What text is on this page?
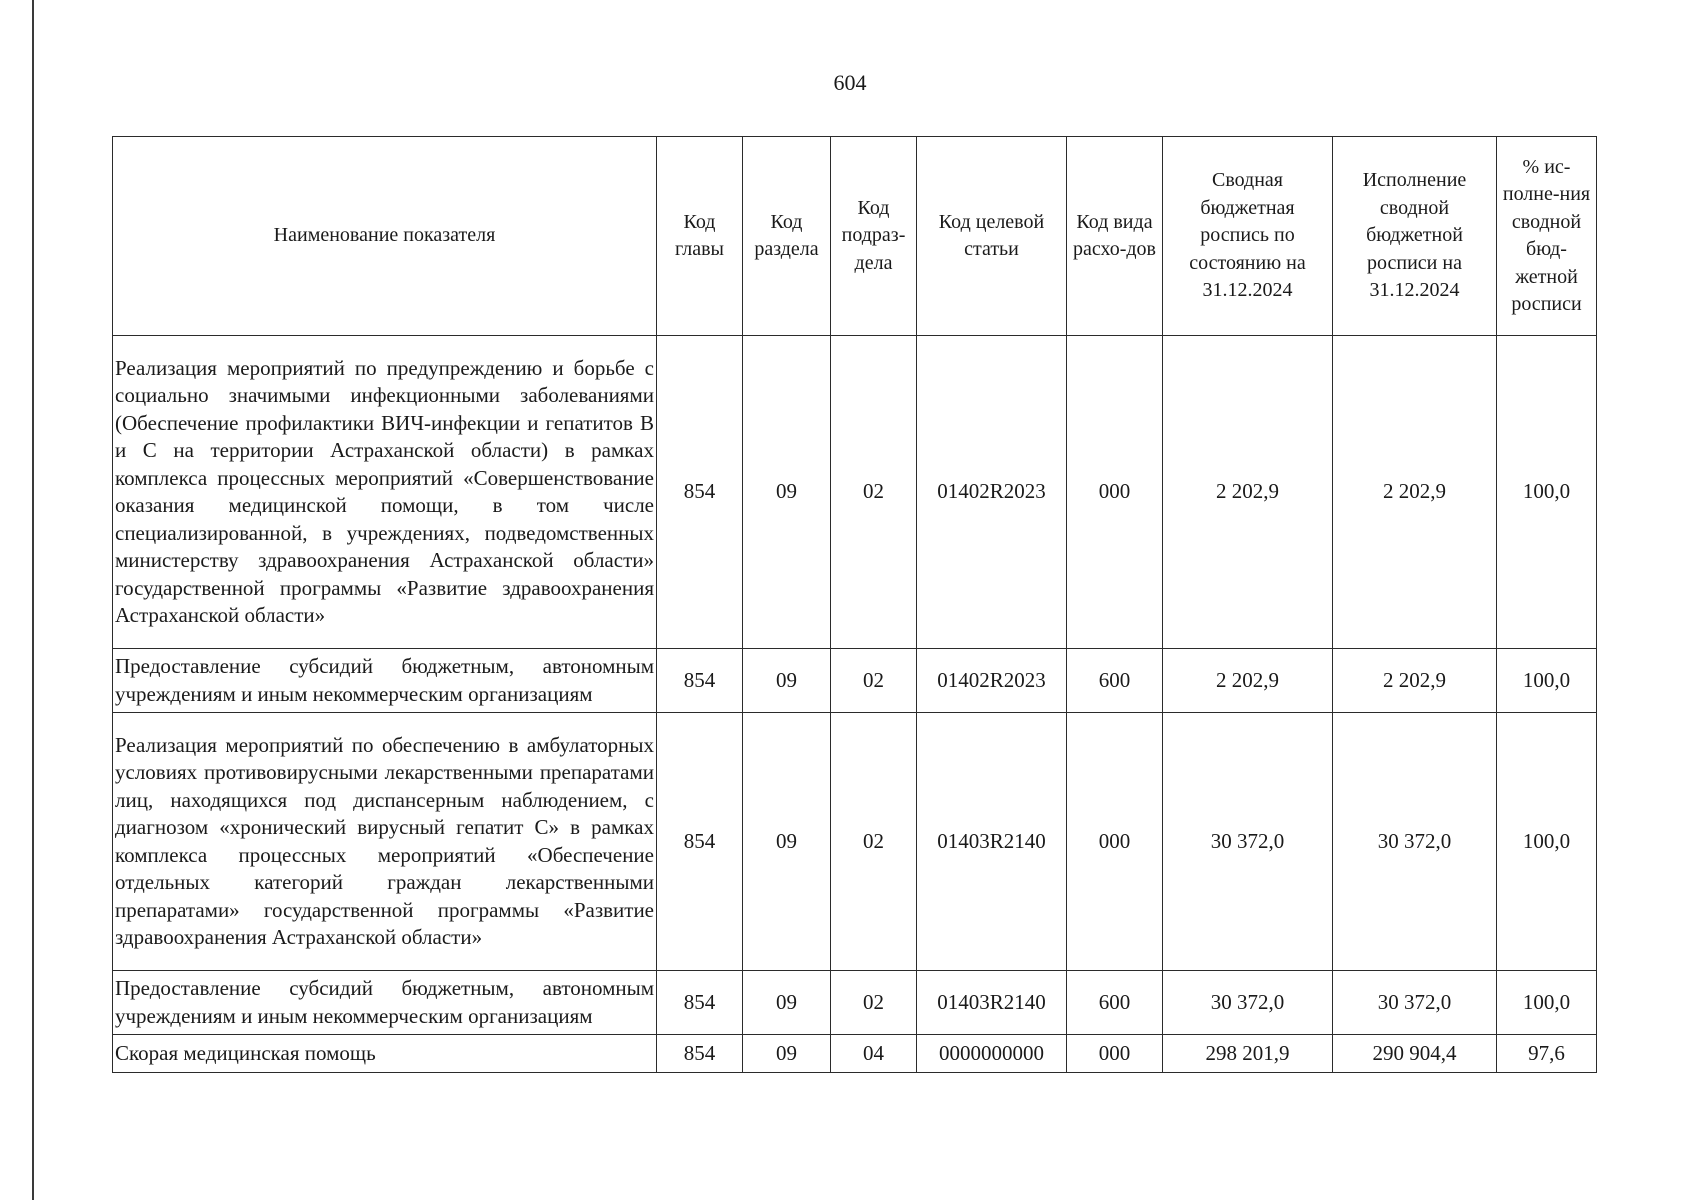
604
Наименование показателя	Код главы	Код раздела	Код подраз-дела	Код целевой статьи	Код вида расхо-дов	Сводная бюджетная роспись по состоянию на 31.12.2024	Исполнение сводной бюджетной росписи на 31.12.2024	% ис-полне-ния сводной бюд-жетной росписи
Реализация мероприятий по предупреждению и борьбе с социально значимыми инфекционными заболеваниями (Обеспечение профилактики ВИЧ-инфекции и гепатитов В и С на территории Астраханской области) в рамках комплекса процессных мероприятий «Совершенствование оказания медицинской помощи, в том числе специализированной, в учреждениях, подведомственных министерству здравоохранения Астраханской области» государственной программы «Развитие здравоохранения Астраханской области»	854	09	02	01402R2023	000	2 202,9	2 202,9	100,0
Предоставление субсидий бюджетным, автономным учреждениям и иным некоммерческим организациям	854	09	02	01402R2023	600	2 202,9	2 202,9	100,0
Реализация мероприятий по обеспечению в амбулаторных условиях противовирусными лекарственными препаратами лиц, находящихся под диспансерным наблюдением, с диагнозом «хронический вирусный гепатит С» в рамках комплекса процессных мероприятий «Обеспечение отдельных категорий граждан лекарственными препаратами» государственной программы «Развитие здравоохранения Астраханской области»	854	09	02	01403R2140	000	30 372,0	30 372,0	100,0
Предоставление субсидий бюджетным, автономным учреждениям и иным некоммерческим организациям	854	09	02	01403R2140	600	30 372,0	30 372,0	100,0
Скорая медицинская помощь	854	09	04	0000000000	000	298 201,9	290 904,4	97,6
